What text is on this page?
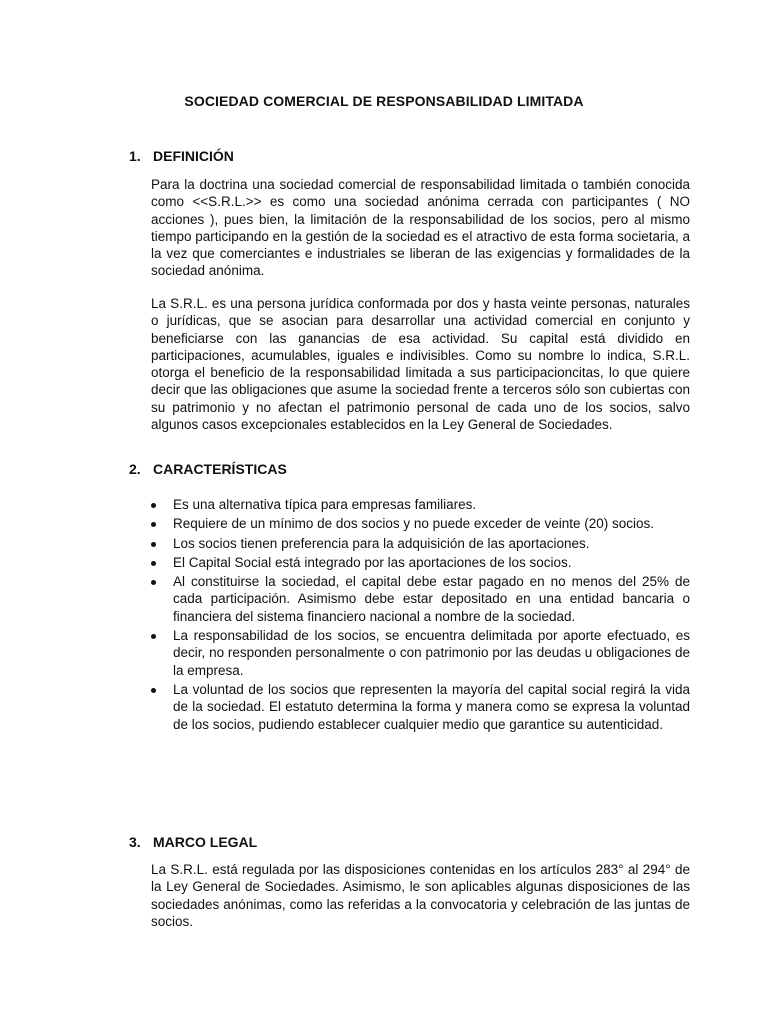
SOCIEDAD COMERCIAL DE RESPONSABILIDAD LIMITADA
1. DEFINICIÓN
Para la doctrina una sociedad comercial de responsabilidad limitada o también conocida como <<S.R.L.>> es como una sociedad anónima cerrada con participantes ( NO acciones ), pues bien, la limitación de la responsabilidad de los socios, pero al mismo tiempo participando en la gestión de la sociedad es el atractivo de esta forma societaria, a la vez que comerciantes e industriales se liberan de las exigencias y formalidades de la sociedad anónima.
La S.R.L. es una persona jurídica conformada por dos y hasta veinte personas, naturales o jurídicas, que se asocian para desarrollar una actividad comercial en conjunto y beneficiarse con las ganancias de esa actividad. Su capital está dividido en participaciones, acumulables, iguales e indivisibles. Como su nombre lo indica, S.R.L. otorga el beneficio de la responsabilidad limitada a sus participacioncitas, lo que quiere decir que las obligaciones que asume la sociedad frente a terceros sólo son cubiertas con su patrimonio y no afectan el patrimonio personal de cada uno de los socios, salvo algunos casos excepcionales establecidos en la Ley General de Sociedades.
2. CARACTERÍSTICAS
Es una alternativa típica para empresas familiares.
Requiere de un mínimo de dos socios y no puede exceder de veinte (20) socios.
Los socios tienen preferencia para la adquisición de las aportaciones.
El Capital Social está integrado por las aportaciones de los socios.
Al constituirse la sociedad, el capital debe estar pagado en no menos del 25% de cada participación. Asimismo debe estar depositado en una entidad bancaria o financiera del sistema financiero nacional a nombre de la sociedad.
La responsabilidad de los socios, se encuentra delimitada por aporte efectuado, es decir, no responden personalmente o con patrimonio por las deudas u obligaciones de la empresa.
La voluntad de los socios que representen la mayoría del capital social regirá la vida de la sociedad. El estatuto determina la forma y manera como se expresa la voluntad de los socios, pudiendo establecer cualquier medio que garantice su autenticidad.
3. MARCO LEGAL
La S.R.L. está regulada por las disposiciones contenidas en los artículos 283° al 294° de la Ley General de Sociedades. Asimismo, le son aplicables algunas disposiciones de las sociedades anónimas, como las referidas a la convocatoria y celebración de las juntas de socios.
